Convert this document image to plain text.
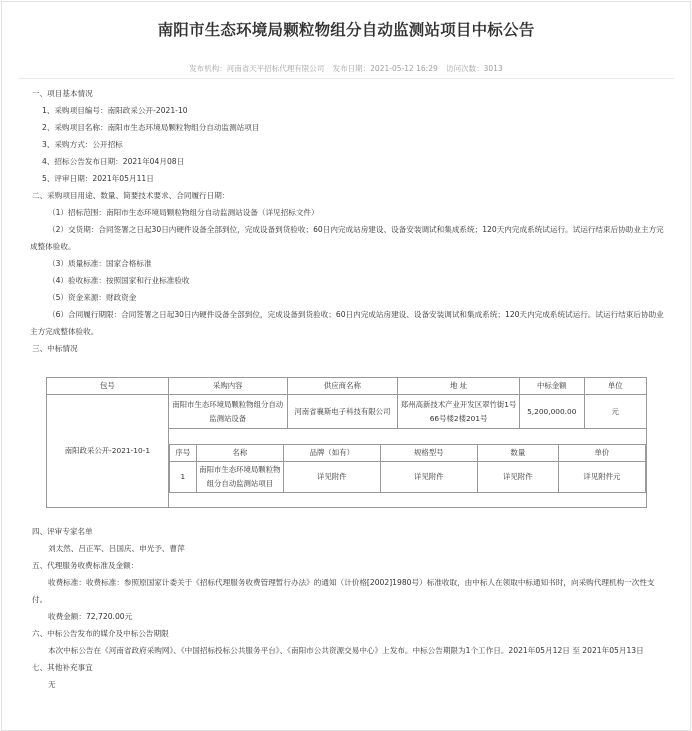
南阳市生态环境局颗粒物组分自动监测站项目中标公告
发布机构：河南省天平招标代理有限公司 发布日期：2021-05-12 16:29 访问次数：3013
一、项目基本情况
1、采购项目编号：南阳政采公开-2021-10
2、采购项目名称：南阳市生态环境局颗粒物组分自动监测站项目
3、采购方式：公开招标
4、招标公告发布日期：2021年04月08日
5、评审日期：2021年05月11日
二、采购项目用途、数量、简要技术要求、合同履行日期：
（1）招标范围：南阳市生态环境局颗粒物组分自动监测站设备（详见招标文件）
（2）交货期：合同签署之日起30日内硬件设备全部到位，完成设备到货验收；60日内完成站房建设、设备安装调试和集成系统；120天内完成系统试运行。试运行结束后协助业主方完成整体验收。
（3）质量标准：国家合格标准
（4）验收标准：按照国家和行业标准验收
（5）资金来源：财政资金
（6）合同履行期限：合同签署之日起30日内硬件设备全部到位，完成设备到货验收；60日内完成站房建设、设备安装调试和集成系统；120天内完成系统试运行。试运行结束后协助业主方完成整体验收。
三、中标情况
包号	采购内容	供应商名称	地 址	中标金额	单位
南阳政采公开-2021-10-1	南阳市生态环境局颗粒物组分自动监测站设备	河南省襄斯电子科技有限公司	郑州高新技术产业开发区翠竹街1号66号楼2楼201号	5,200,000.00	元

序号	名称	品牌（如有）	规格型号	数量	单价
1	南阳市生态环境局颗粒物组分自动监测站项目	详见附件	详见附件	详见附件	详见附件元
四、评审专家名单
刘太然、吕正军、吕国庆、申光予、曹萍
五、代理服务收费标准及金额：
收费标准：收费标准：参照原国家计委关于《招标代理服务收费管理暂行办法》的通知（计价格[2002]1980号）标准收取，由中标人在领取中标通知书时，向采购代理机构一次性支付。
收费金额：72,720.00元
六、中标公告发布的媒介及中标公告期限
本次中标公告在《河南省政府采购网》、《中国招标投标公共服务平台》、《南阳市公共资源交易中心》上发布。中标公告期限为1个工作日。2021年05月12日 至 2021年05月13日
七、其他补充事宜
无
